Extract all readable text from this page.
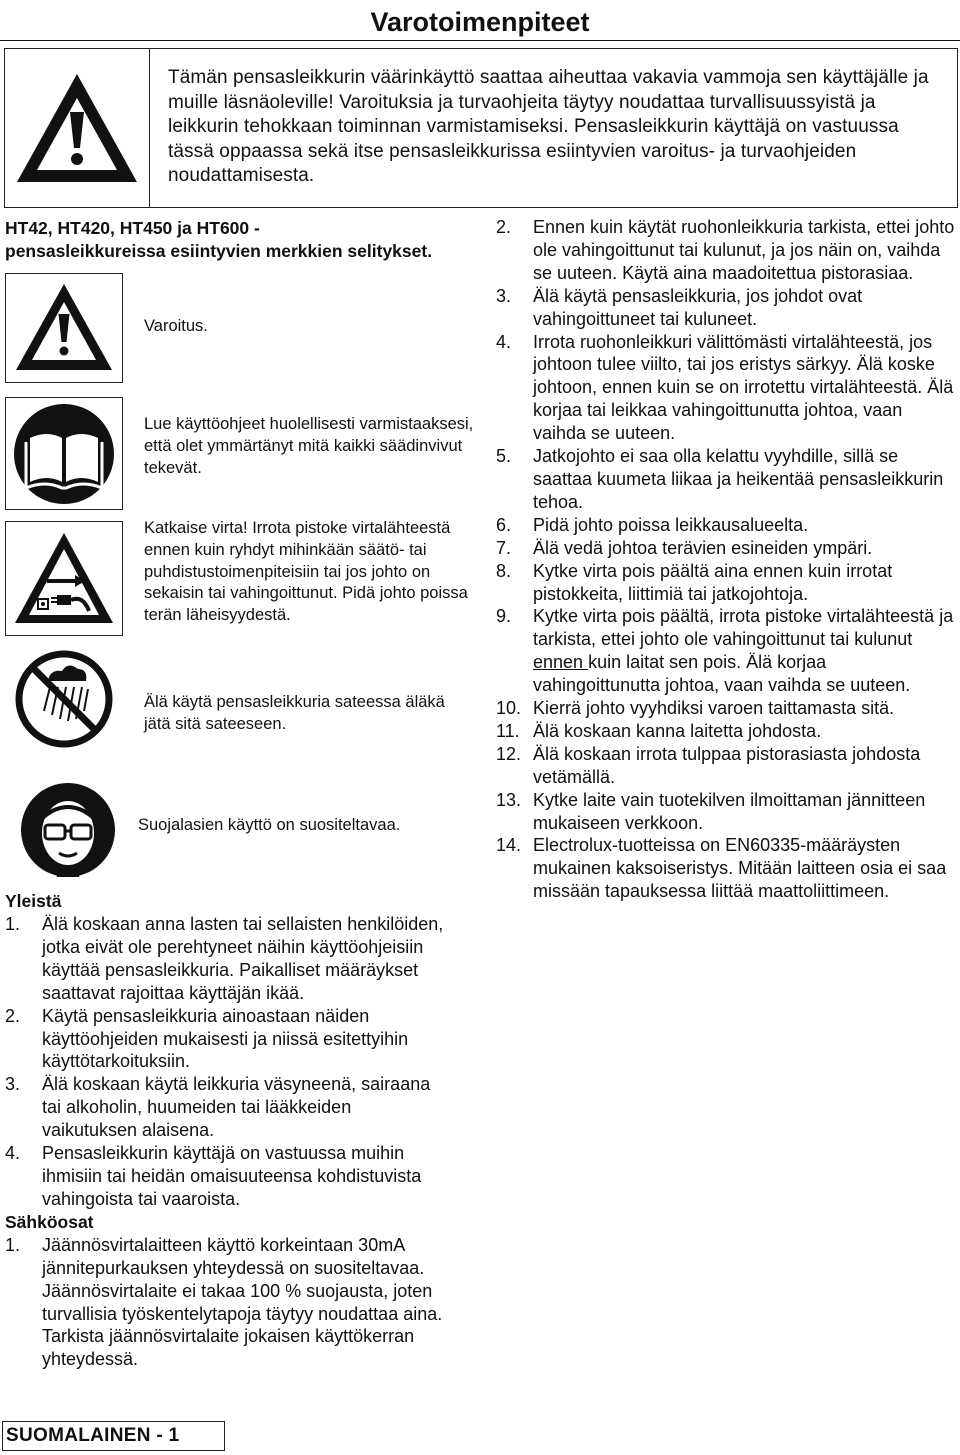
Varotoimenpiteet
Tämän pensasleikkurin väärinkäyttö saattaa aiheuttaa vakavia vammoja sen käyttäjälle ja muille läsnäoleville! Varoituksia ja turvaohjeita täytyy noudattaa turvallisuussyistä ja leikkurin tehokkaan toiminnan varmistamiseksi. Pensasleikkurin käyttäjä on vastuussa tässä oppaassa sekä itse pensasleikkurissa esiintyvien varoitus- ja turvaohjeiden noudattamisesta.
HT42, HT420, HT450 ja HT600 -
pensasleikkureissa esiintyvien merkkien selitykset.
Varoitus.
Lue käyttöohjeet huolellisesti varmistaaksesi, että olet ymmärtänyt mitä kaikki säädinvivut tekevät.
Katkaise virta! Irrota pistoke virtalähteestä ennen kuin ryhdyt mihinkään säätö- tai puhdistustoimenpiteisiin tai jos johto on sekaisin tai vahingoittunut. Pidä johto poissa terän läheisyydestä.
Älä käytä pensasleikkuria sateessa äläkä jätä sitä sateeseen.
Suojalasien käyttö on suositeltavaa.
Yleistä
1. Älä koskaan anna lasten tai sellaisten henkilöiden, jotka eivät ole perehtyneet näihin käyttöohjeisiin käyttää pensasleikkuria. Paikalliset määräykset saattavat rajoittaa käyttäjän ikää.
2. Käytä pensasleikkuria ainoastaan näiden käyttöohjeiden mukaisesti ja niissä esitettyihin käyttötarkoituksiin.
3. Älä koskaan käytä leikkuria väsyneenä, sairaana tai alkoholin, huumeiden tai lääkkeiden vaikutuksen alaisena.
4. Pensasleikkurin käyttäjä on vastuussa muihin ihmisiin tai heidän omaisuuteensa kohdistuvista vahingoista tai vaaroista.
Sähköosat
1. Jäännösvirtalaitteen käyttö korkeintaan 30mA jännitepurkauksen yhteydessä on suositeltavaa. Jäännösvirtalaite ei takaa 100 % suojausta, joten turvallisia työskentelytapoja täytyy noudattaa aina. Tarkista jäännösvirtalaite jokaisen käyttökerran yhteydessä.
2. Ennen kuin käytät ruohonleikkuria tarkista, ettei johto ole vahingoittunut tai kulunut, ja jos näin on, vaihda se uuteen. Käytä aina maadoitettua pistorasiaa.
3. Älä käytä pensasleikkuria, jos johdot ovat vahingoittuneet tai kuluneet.
4. Irrota ruohonleikkuri välittömästi virtalähteestä, jos johtoon tulee viilto, tai jos eristys särkyy. Älä koske johtoon, ennen kuin se on irrotettu virtalähteestä. Älä korjaa tai leikkaa vahingoittunutta johtoa, vaan vaihda se uuteen.
5. Jatkojohto ei saa olla kelattu vyyhdille, sillä se saattaa kuumeta liikaa ja heikentää pensasleikkurin tehoa.
6. Pidä johto poissa leikkausalueelta.
7. Älä vedä johtoa terävien esineiden ympäri.
8. Kytke virta pois päältä aina ennen kuin irrotat pistokkeita, liittimiä tai jatkojohtoja.
9. Kytke virta pois päältä, irrota pistoke virtalähteestä ja tarkista, ettei johto ole vahingoittunut tai kulunut ennen kuin laitat sen pois. Älä korjaa vahingoittunutta johtoa, vaan vaihda se uuteen.
10. Kierrä johto vyyhdiksi varoen taittamasta sitä.
11. Älä koskaan kanna laitetta johdosta.
12. Älä koskaan irrota tulppaa pistorasiasta johdosta vetämällä.
13. Kytke laite vain tuotekilven ilmoittaman jännitteen mukaiseen verkkoon.
14. Electrolux-tuotteissa on EN60335-määräysten mukainen kaksoiseristys. Mitään laitteen osia ei saa missään tapauksessa liittää maattoliittimeen.
SUOMALAINEN - 1
